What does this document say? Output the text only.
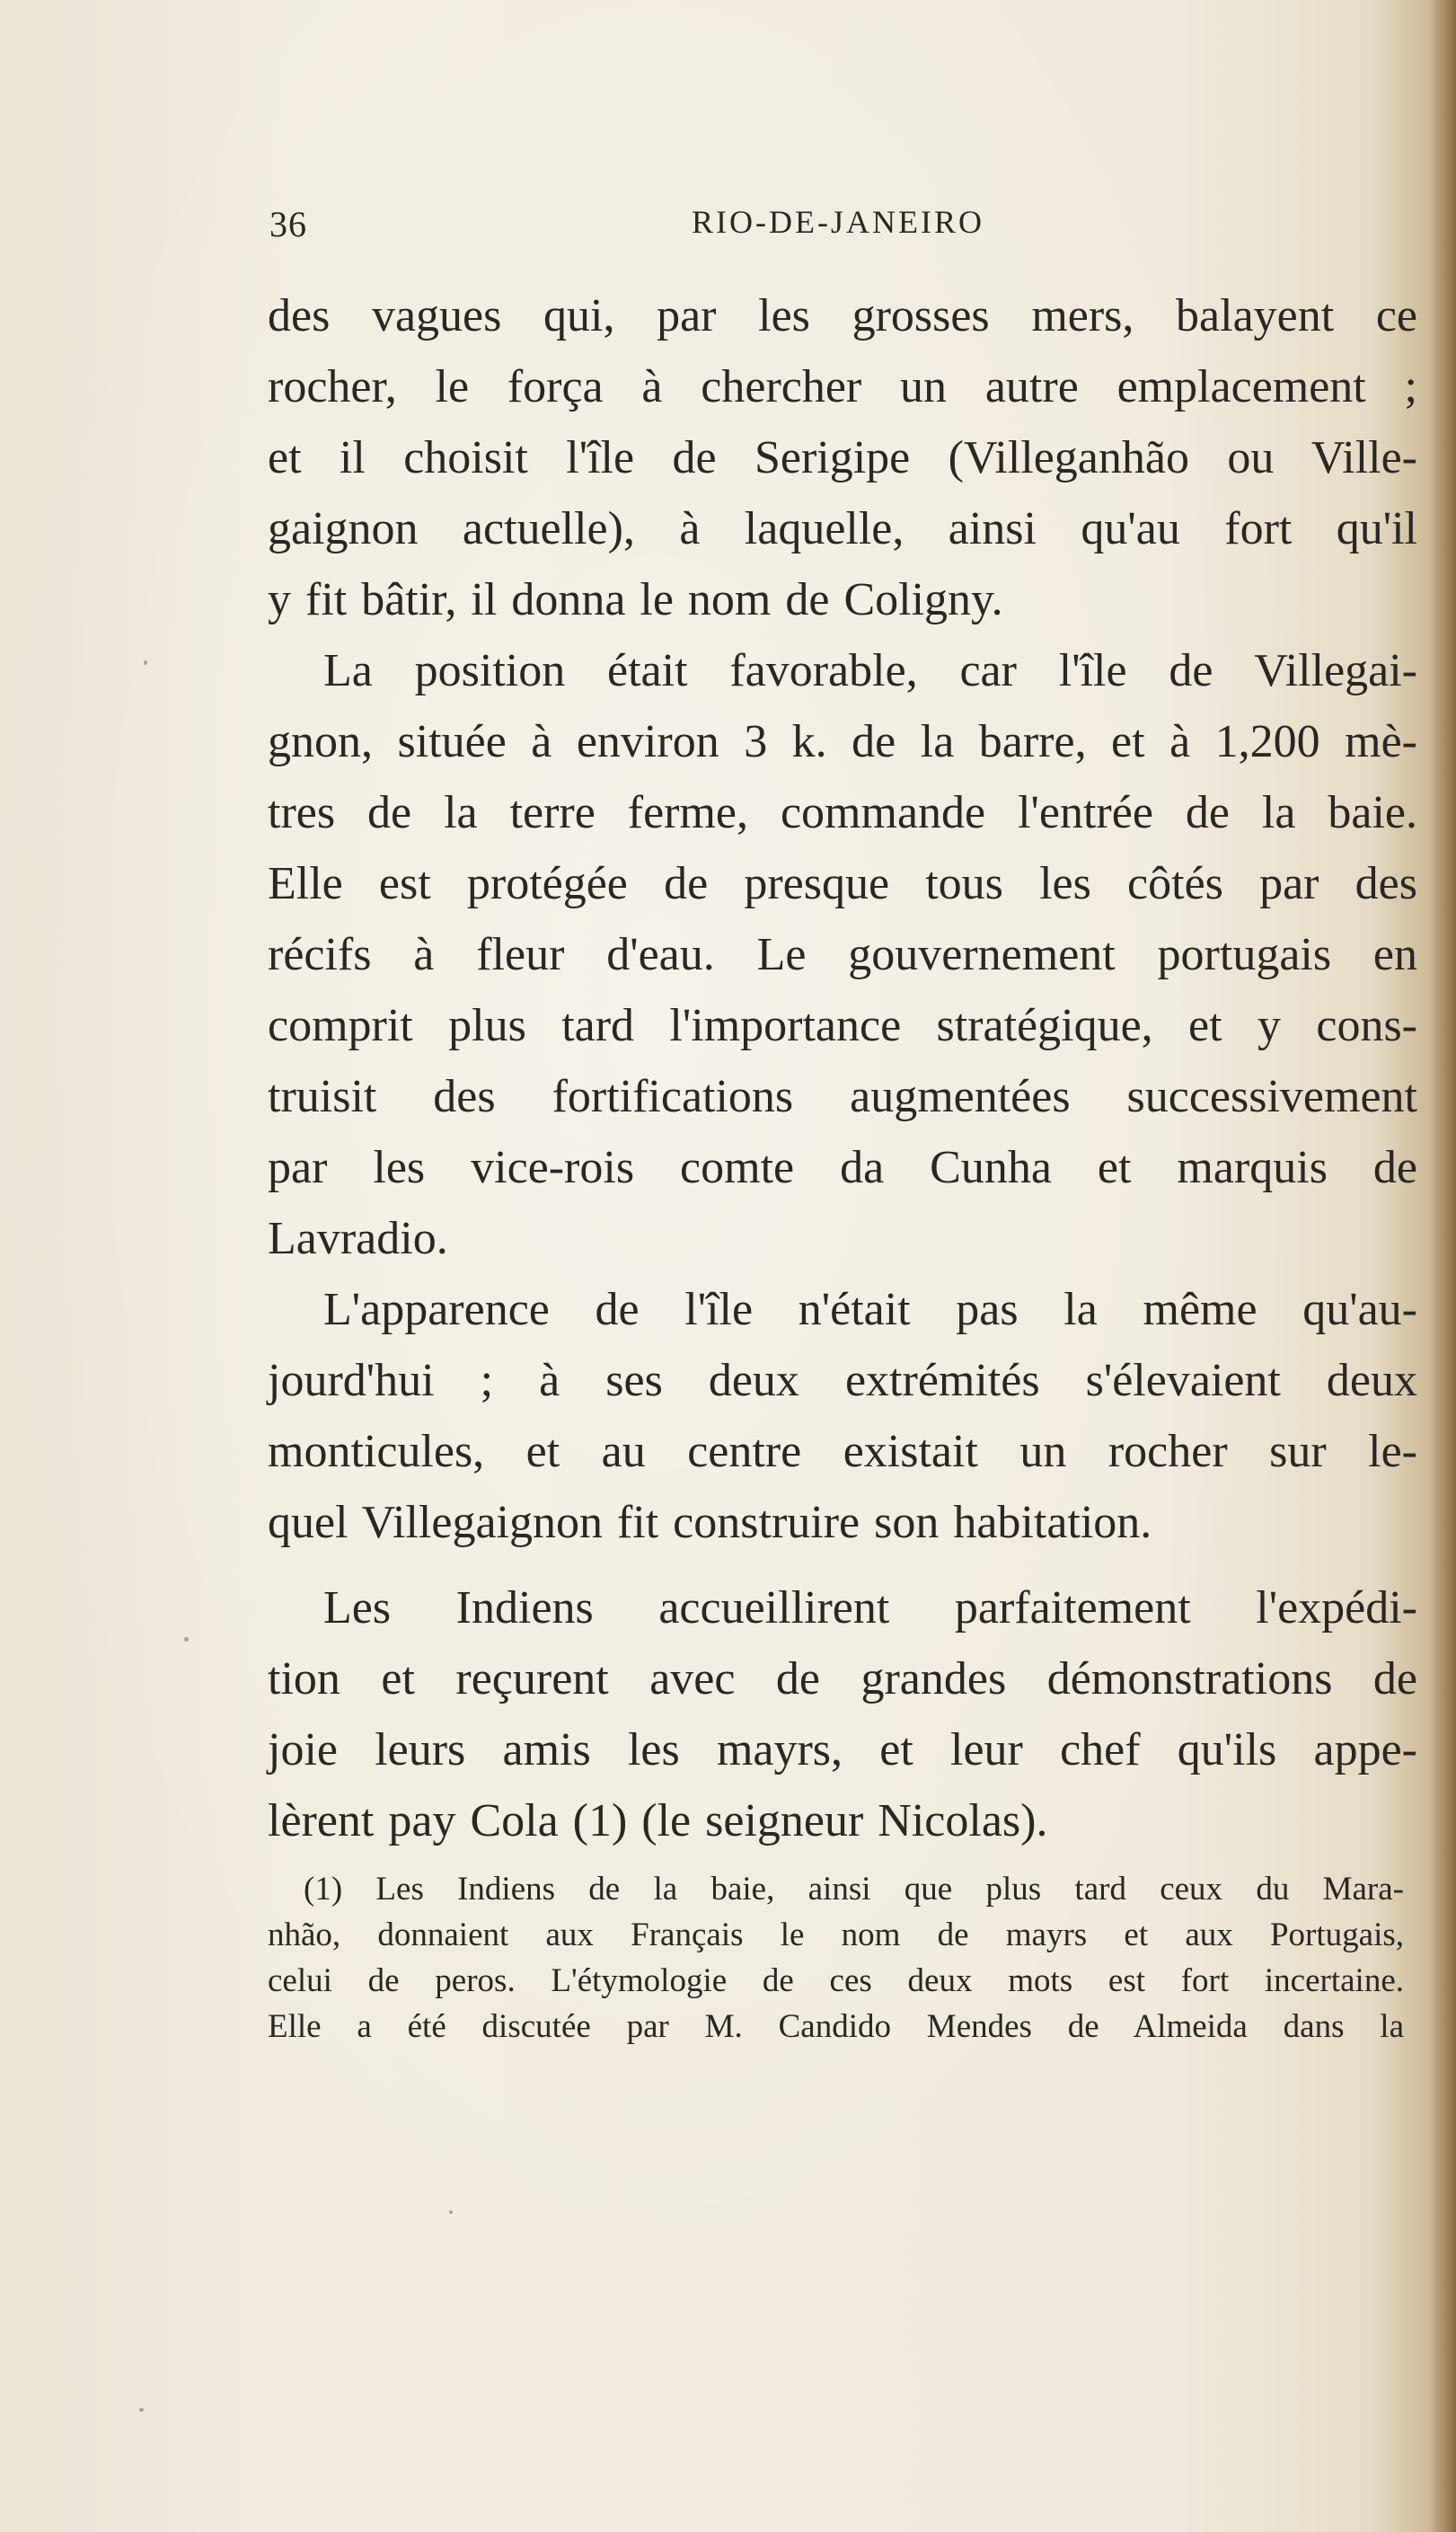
36	RIO-DE-JANEIRO
des vagues qui, par les grosses mers, balayent ce
rocher, le força à chercher un autre emplacement ;
et il choisit l'île de Serigipe (Villeganhão ou Ville-
gaignon actuelle), à laquelle, ainsi qu'au fort qu'il
y fit bâtir, il donna le nom de Coligny.
La position était favorable, car l'île de Villegai-
gnon, située à environ 3 k. de la barre, et à 1,200 mè-
tres de la terre ferme, commande l'entrée de la baie.
Elle est protégée de presque tous les côtés par des
récifs à fleur d'eau. Le gouvernement portugais en
comprit plus tard l'importance stratégique, et y cons-
truisit des fortifications augmentées successivement
par les vice-rois comte da Cunha et marquis de
Lavradio.
L'apparence de l'île n'était pas la même qu'au-
jourd'hui ; à ses deux extrémités s'élevaient deux
monticules, et au centre existait un rocher sur le-
quel Villegaignon fit construire son habitation.
Les Indiens accueillirent parfaitement l'expédi-
tion et reçurent avec de grandes démonstrations de
joie leurs amis les mayrs, et leur chef qu'ils appe-
lèrent pay Cola (1) (le seigneur Nicolas).
(1) Les Indiens de la baie, ainsi que plus tard ceux du Mara-
nhão, donnaient aux Français le nom de mayrs et aux Portugais,
celui de peros. L'étymologie de ces deux mots est fort incertaine.
Elle a été discutée par M. Candido Mendes de Almeida dans la
